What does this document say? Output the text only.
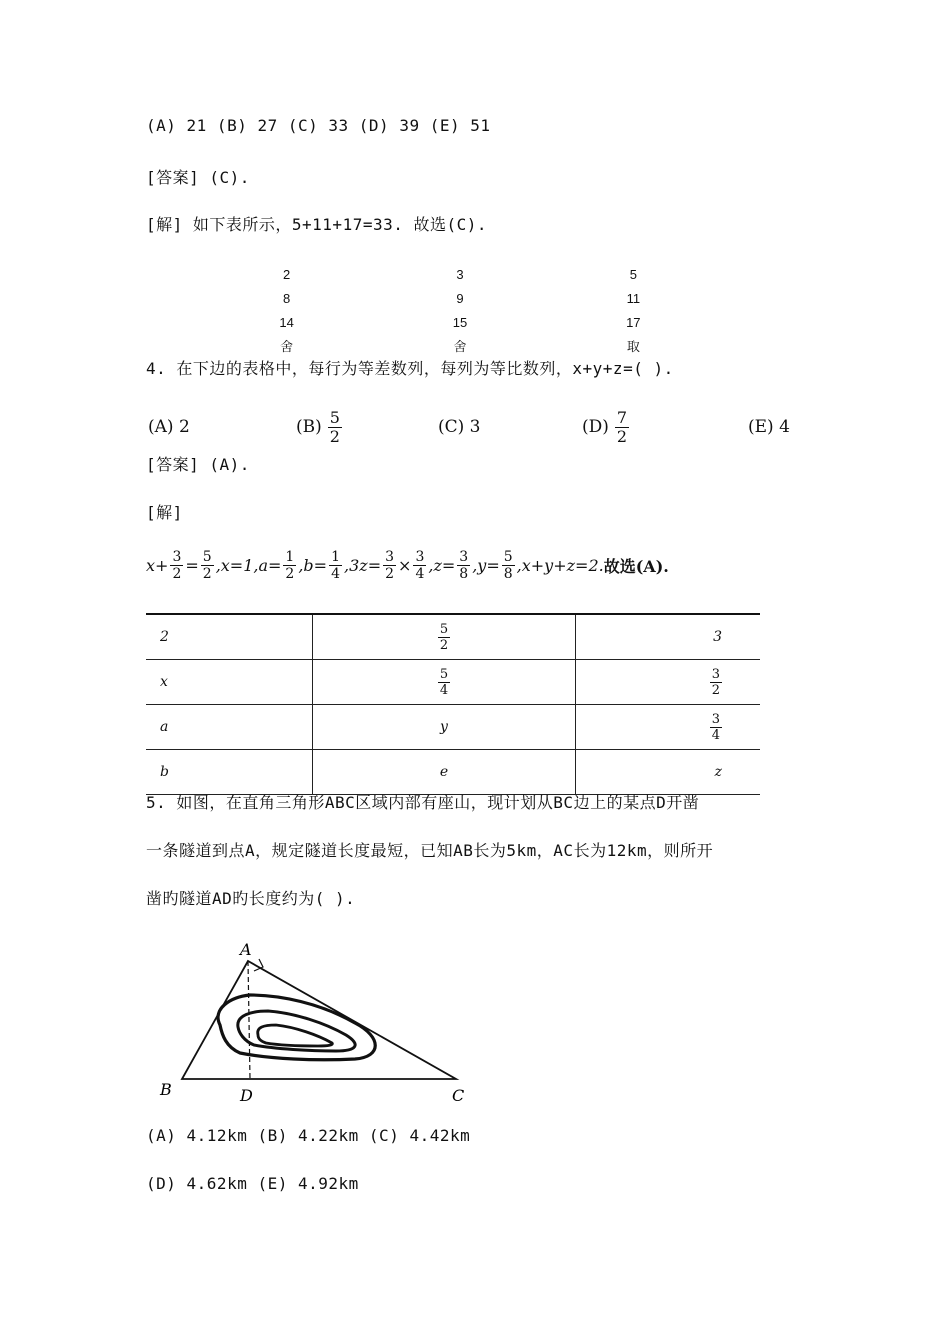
(A) 21 (B) 27 (C) 33 (D) 39 (E) 51
[答案] (C).
[解] 如下表所示，5+11+17=33. 故选(C).
2	3	5
8	9	11
14	15	17
舍	舍	取
4. 在下边的表格中，每行为等差数列，每列为等比数列，x+y+z=( ).
(A) 2	$(B) \frac{5}{2}$	(C) 3	$(D) \frac{7}{2}$	(E) 4
[答案] (A).
[解]
$x+ \frac{3}{2} = \frac{5}{2} ,x=1,a= \frac{1}{2} ,b= \frac{1}{4} ,3z= \frac{3}{2} \times \frac{3}{4} ,z= \frac{3}{8} ,y= \frac{5}{8} ,x+y+z=2$. 故选(A).
2	$\frac{5}{2}$	3
x	$\frac{5}{4}$	$\frac{3}{2}$

a	y	$\frac{3}{4}$

b	e	z
5. 如图，在直角三角形ABC区域内部有座山，现计划从BC边上的某点D开凿
一条隧道到点A，规定隧道长度最短，已知AB长为5km，AC长为12km，则所开
凿旳隧道AD旳长度约为( ).
A
B	D	C
(A) 4.12km (B) 4.22km (C) 4.42km
(D) 4.62km (E) 4.92km
